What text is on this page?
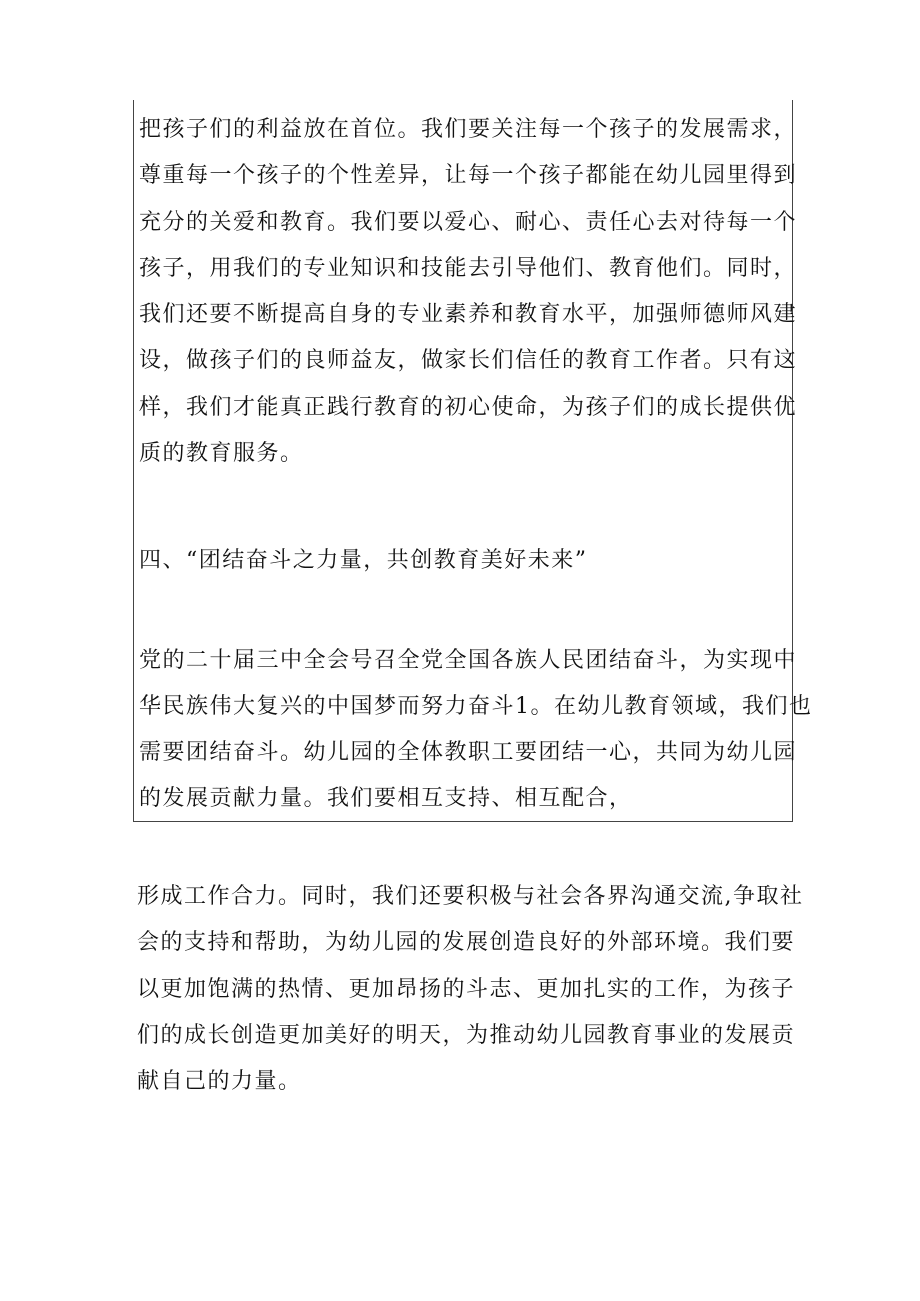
把孩子们的利益放在首位。我们要关注每一个孩子的发展需求，
尊重每一个孩子的个性差异，让每一个孩子都能在幼儿园里得到
充分的关爱和教育。我们要以爱心、耐心、责任心去对待每一个
孩子，用我们的专业知识和技能去引导他们、教育他们。同时，
我们还要不断提高自身的专业素养和教育水平，加强师德师风建
设，做孩子们的良师益友，做家长们信任的教育工作者。只有这
样，我们才能真正践行教育的初心使命，为孩子们的成长提供优
质的教育服务。
四、“团结奋斗之力量，共创教育美好未来”
党的二十届三中全会号召全党全国各族人民团结奋斗，为实现中
华民族伟大复兴的中国梦而努力奋斗1。在幼儿教育领域，我们也
需要团结奋斗。幼儿园的全体教职工要团结一心，共同为幼儿园
的发展贡献力量。我们要相互支持、相互配合，
形成工作合力。同时，我们还要积极与社会各界沟通交流,争取社
会的支持和帮助，为幼儿园的发展创造良好的外部环境。我们要
以更加饱满的热情、更加昂扬的斗志、更加扎实的工作，为孩子
们的成长创造更加美好的明天，为推动幼儿园教育事业的发展贡
献自己的力量。
